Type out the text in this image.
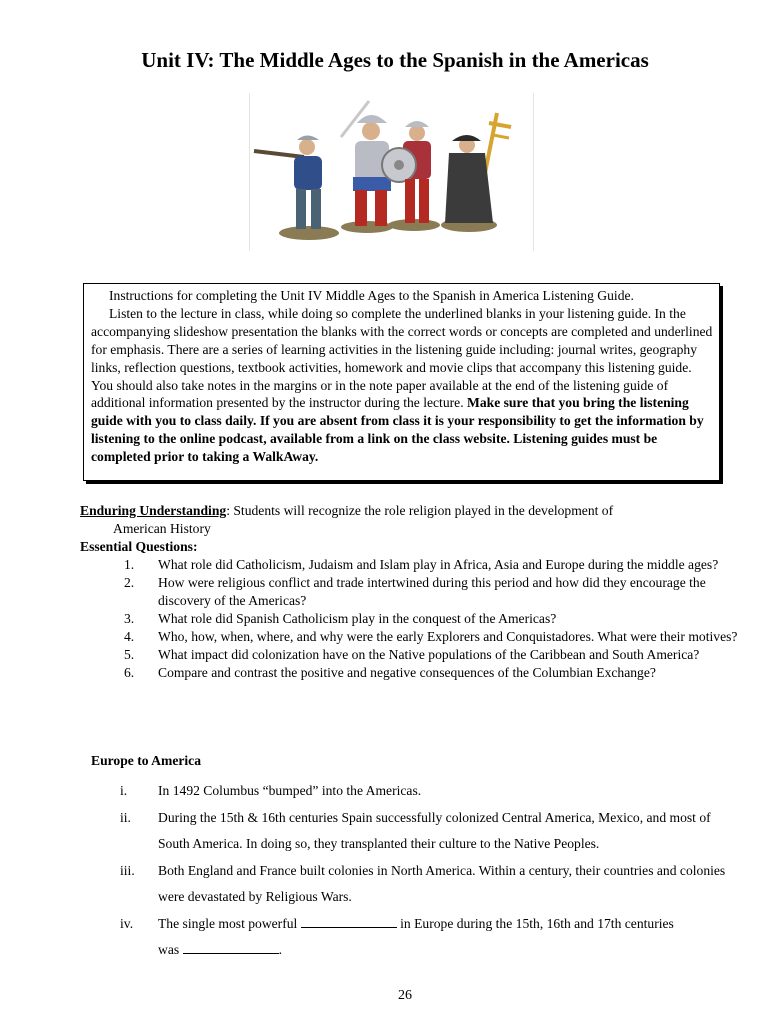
Unit IV: The Middle Ages to the Spanish in the Americas

Instructions for completing the Unit IV Middle Ages to the Spanish in America Listening Guide.

Listen to the lecture in class, while doing so complete the underlined blanks in your listening guide. In the accompanying slideshow presentation the blanks with the correct words or concepts are completed and underlined for emphasis. There are a series of learning activities in the listening guide including: journal writes, geography links, reflection questions, textbook activities, homework and movie clips that accompany this listening guide. You should also take notes in the margins or in the note paper available at the end of the listening guide of additional information presented by the instructor during the lecture. Make sure that you bring the listening guide with you to class daily. If you are absent from class it is your responsibility to get the information by listening to the online podcast, available from a link on the class website. Listening guides must be completed prior to taking a WalkAway.

Enduring Understanding: Students will recognize the role religion played in the development of
American History
Essential Questions:
1. What role did Catholicism, Judaism and Islam play in Africa, Asia and Europe during the middle ages?
2. How were religious conflict and trade intertwined during this period and how did they encourage the discovery of the Americas?
3. What role did Spanish Catholicism play in the conquest of the Americas?
4. Who, how, when, where, and why were the early Explorers and Conquistadores. What were their motives?
5. What impact did colonization have on the Native populations of the Caribbean and South America?
6. Compare and contrast the positive and negative consequences of the Columbian Exchange?
Europe to America
i. In 1492 Columbus “bumped” into the Americas.
ii. During the 15th & 16th centuries Spain successfully colonized Central America, Mexico, and most of South America. In doing so, they transplanted their culture to the Native Peoples.
iii. Both England and France built colonies in North America. Within a century, their countries and colonies were devastated by Religious Wars.
iv. The single most powerful	in Europe during the 15th, 16th and 17th centuries
was	.
26
